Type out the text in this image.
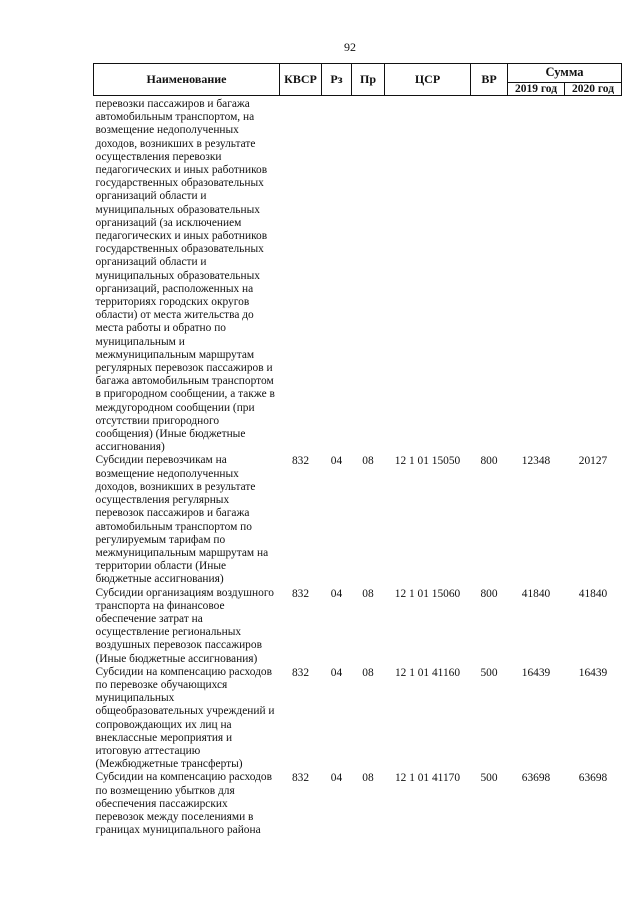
92
Наименование	КВСР	Рз	Пр	ЦСР	ВР	Сумма	
						2019 год	2020 год
перевозки пассажиров и багажа автомобильным транспортом, на возмещение недополученных доходов, возникших в результате осуществления перевозки педагогических и иных работников государственных образовательных организаций области и муниципальных образовательных организаций (за исключением педагогических и иных работников государственных образовательных организаций области и муниципальных образовательных организаций, расположенных на территориях городских округов области) от места жительства до места работы и обратно по муниципальным и межмуниципальным маршрутам регулярных перевозок пассажиров и багажа автомобильным транспортом в пригородном сообщении, а также в междугородном сообщении (при отсутствии пригородного сообщения) (Иные бюджетные ассигнования)							
Субсидии перевозчикам на возмещение недополученных доходов, возникших в результате осуществления регулярных перевозок пассажиров и багажа автомобильным транспортом по регулируемым тарифам по межмуниципальным маршрутам на территории области (Иные бюджетные ассигнования)	832	04	08	12 1 01 15050	800	12348	20127
Субсидии организациям воздушного транспорта на финансовое обеспечение затрат на осуществление региональных воздушных перевозок пассажиров (Иные бюджетные ассигнования)	832	04	08	12 1 01 15060	800	41840	41840
Субсидии на компенсацию расходов по перевозке обучающихся муниципальных общеобразовательных учреждений и сопровождающих их лиц на внеклассные мероприятия и итоговую аттестацию (Межбюджетные трансферты)	832	04	08	12 1 01 41160	500	16439	16439
Субсидии на компенсацию расходов по возмещению убытков для обеспечения пассажирских перевозок между поселениями в границах муниципального района	832	04	08	12 1 01 41170	500	63698	63698
